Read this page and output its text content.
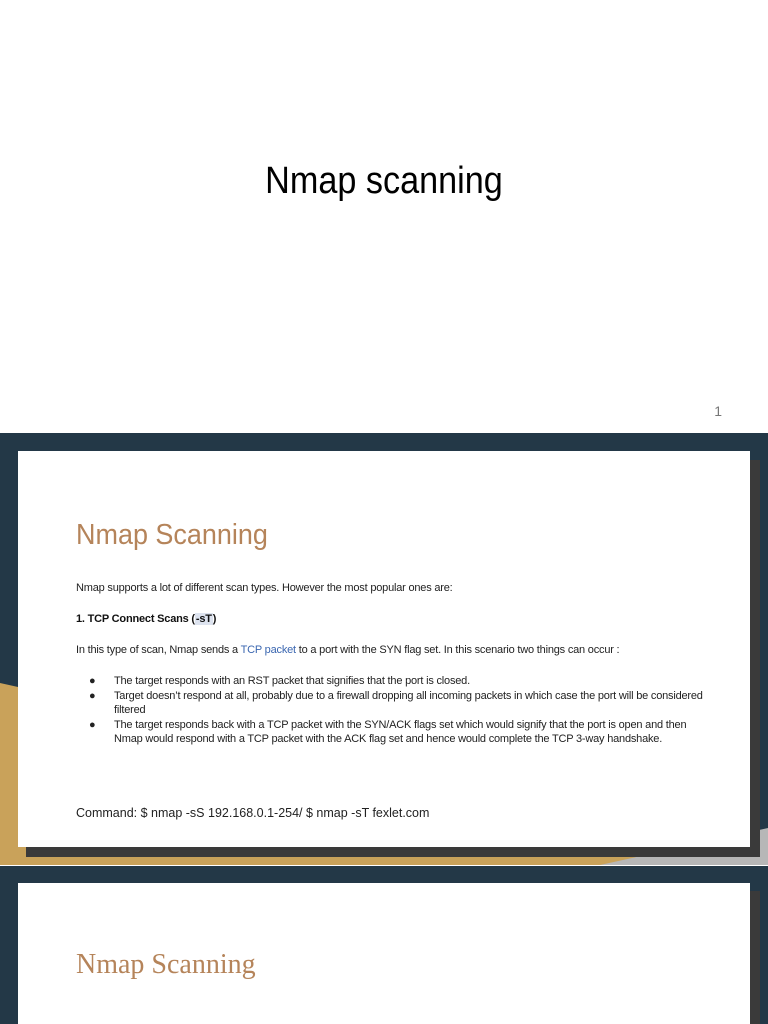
Nmap scanning
1
Nmap Scanning
Nmap supports a lot of different scan types. However the most popular ones are:
1. TCP Connect Scans (-sT)
In this type of scan, Nmap sends a TCP packet to a port with the SYN flag set. In this scenario two things can occur :
● The target responds with an RST packet that signifies that the port is closed.
● Target doesn’t respond at all, probably due to a firewall dropping all incoming packets in which case the port will be considered filtered
● The target responds back with a TCP packet with the SYN/ACK flags set which would signify that the port is open and then Nmap would respond with a TCP packet with the ACK flag set and hence would complete the TCP 3-way handshake.
Command: $ nmap -sS 192.168.0.1-254/ $ nmap -sT fexlet.com
Nmap Scanning
